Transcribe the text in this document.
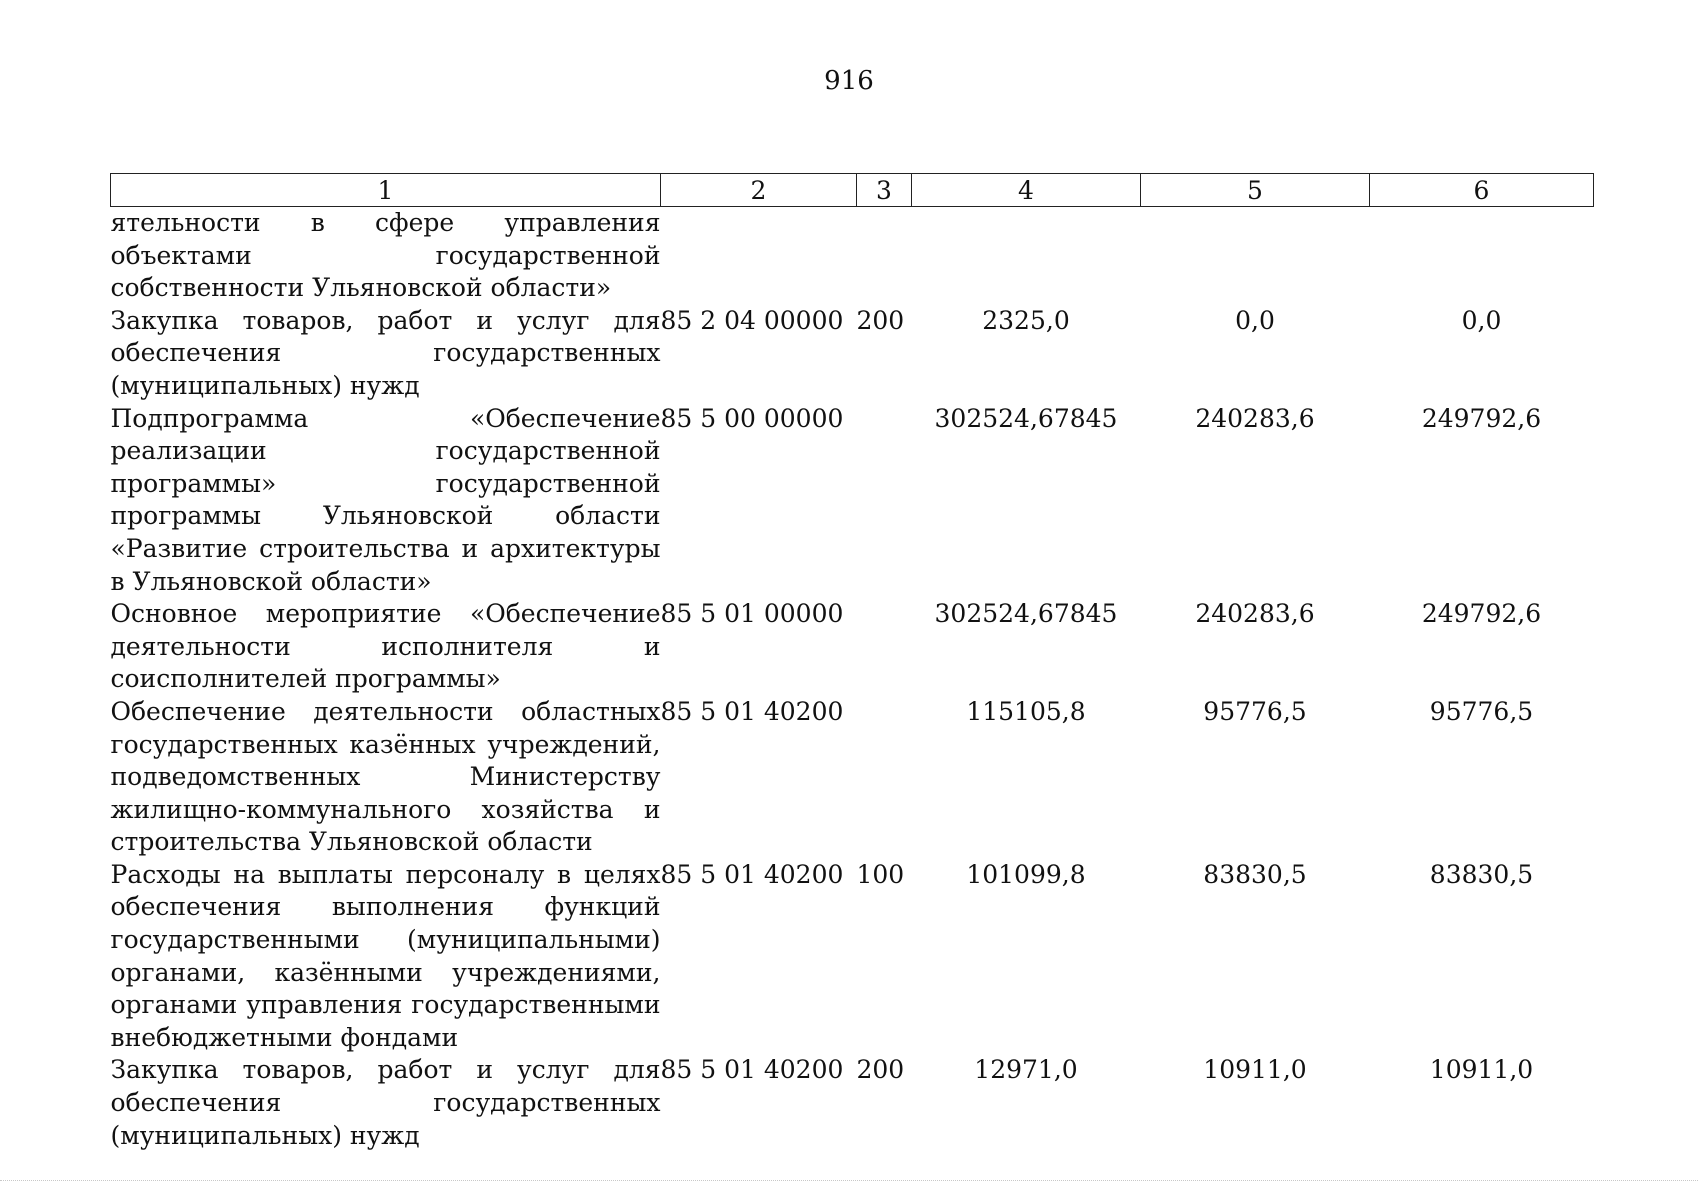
916
1	2	3	4	5	6
ятельности в сфере управления объектами государственной собственности Ульяновской области»					
Закупка товаров, работ и услуг для обеспечения государственных (муниципальных) нужд	85 2 04 00000	200	2325,0	0,0	0,0
Подпрограмма «Обеспечение реализации государственной программы» государственной программы Ульяновской области «Развитие строительства и архитектуры в Ульяновской области»	85 5 00 00000		302524,67845	240283,6	249792,6
Основное мероприятие «Обеспечение деятельности исполнителя и соисполнителей программы»	85 5 01 00000		302524,67845	240283,6	249792,6
Обеспечение деятельности областных государственных казённых учреждений, подведомственных Министерству жилищно-коммунального хозяйства и строительства Ульяновской области	85 5 01 40200		115105,8	95776,5	95776,5
Расходы на выплаты персоналу в целях обеспечения выполнения функций государственными (муниципальными) органами, казёнными учреждениями, органами управления государственными внебюджетными фондами	85 5 01 40200	100	101099,8	83830,5	83830,5
Закупка товаров, работ и услуг для обеспечения государственных (муниципальных) нужд	85 5 01 40200	200	12971,0	10911,0	10911,0
